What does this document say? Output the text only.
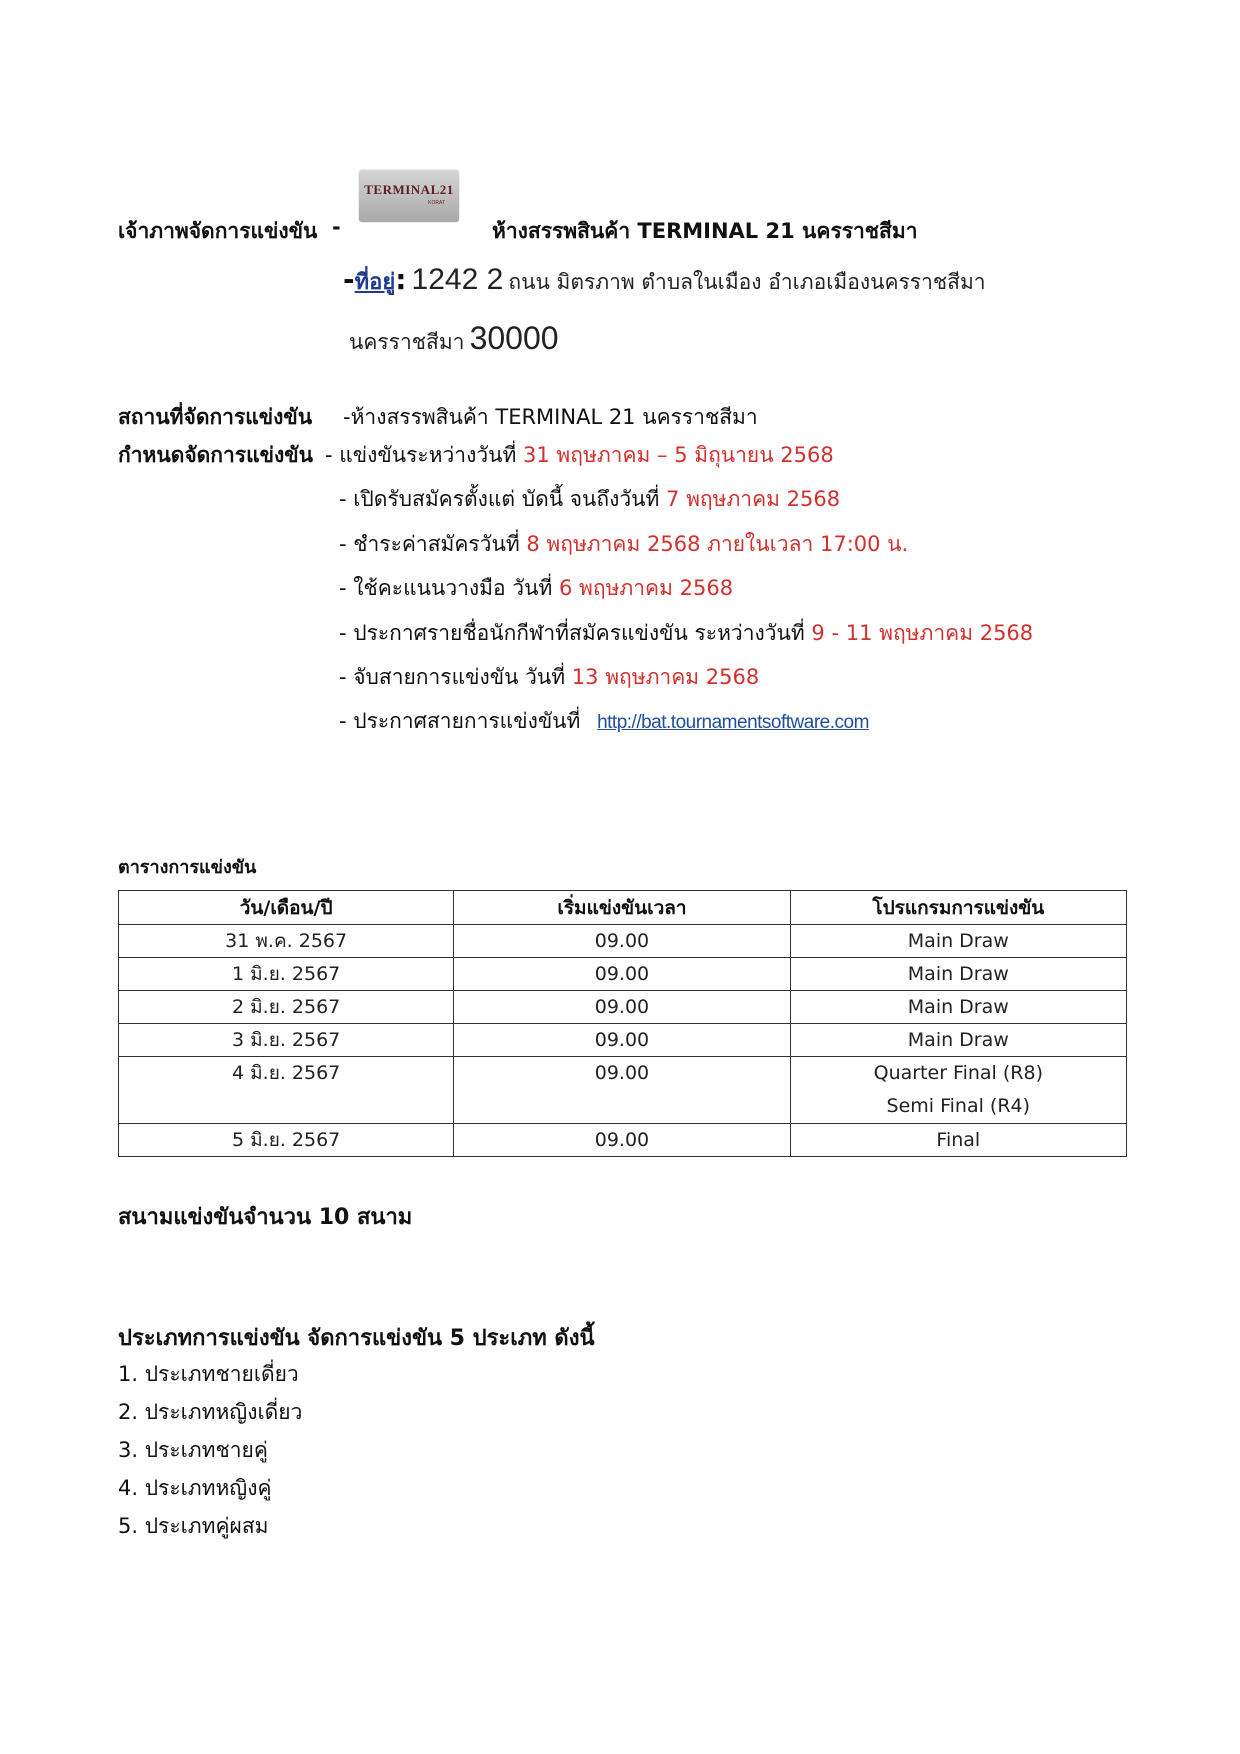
เจ้าภาพจัดการแข่งขัน -
TERMINAL21
KORAT
ห้างสรรพสินค้า TERMINAL 21 นครราชสีมา
-ที่อยู่: 1242 2 ถนน มิตรภาพ ตำบลในเมือง อำเภอเมืองนครราชสีมา
นครราชสีมา 30000
สถานที่จัดการแข่งขัน -ห้างสรรพสินค้า TERMINAL 21 นครราชสีมา
กำหนดจัดการแข่งขัน - แข่งขันระหว่างวันที่ 31 พฤษภาคม – 5 มิถุนายน 2568
- เปิดรับสมัครตั้งแต่ บัดนี้ จนถึงวันที่ 7 พฤษภาคม 2568
- ชำระค่าสมัครวันที่ 8 พฤษภาคม 2568 ภายในเวลา 17:00 น.
- ใช้คะแนนวางมือ วันที่ 6 พฤษภาคม 2568
- ประกาศรายชื่อนักกีฬาที่สมัครแข่งขัน ระหว่างวันที่ 9 - 11 พฤษภาคม 2568
- จับสายการแข่งขัน วันที่ 13 พฤษภาคม 2568
- ประกาศสายการแข่งขันที่ http://bat.tournamentsoftware.com
ตารางการแข่งขัน
วัน/เดือน/ปี	เริ่มแข่งขันเวลา	โปรแกรมการแข่งขัน
31 พ.ค. 2567	09.00	Main Draw
1 มิ.ย. 2567	09.00	Main Draw
2 มิ.ย. 2567	09.00	Main Draw
3 มิ.ย. 2567	09.00	Main Draw
4 มิ.ย. 2567	09.00	Quarter Final (R8)
Semi Final (R4)

5 มิ.ย. 2567	09.00	Final
สนามแข่งขันจำนวน 10 สนาม
ประเภทการแข่งขัน จัดการแข่งขัน 5 ประเภท ดังนี้
1. ประเภทชายเดี่ยว
2. ประเภทหญิงเดี่ยว
3. ประเภทชายคู่
4. ประเภทหญิงคู่
5. ประเภทคู่ผสม
